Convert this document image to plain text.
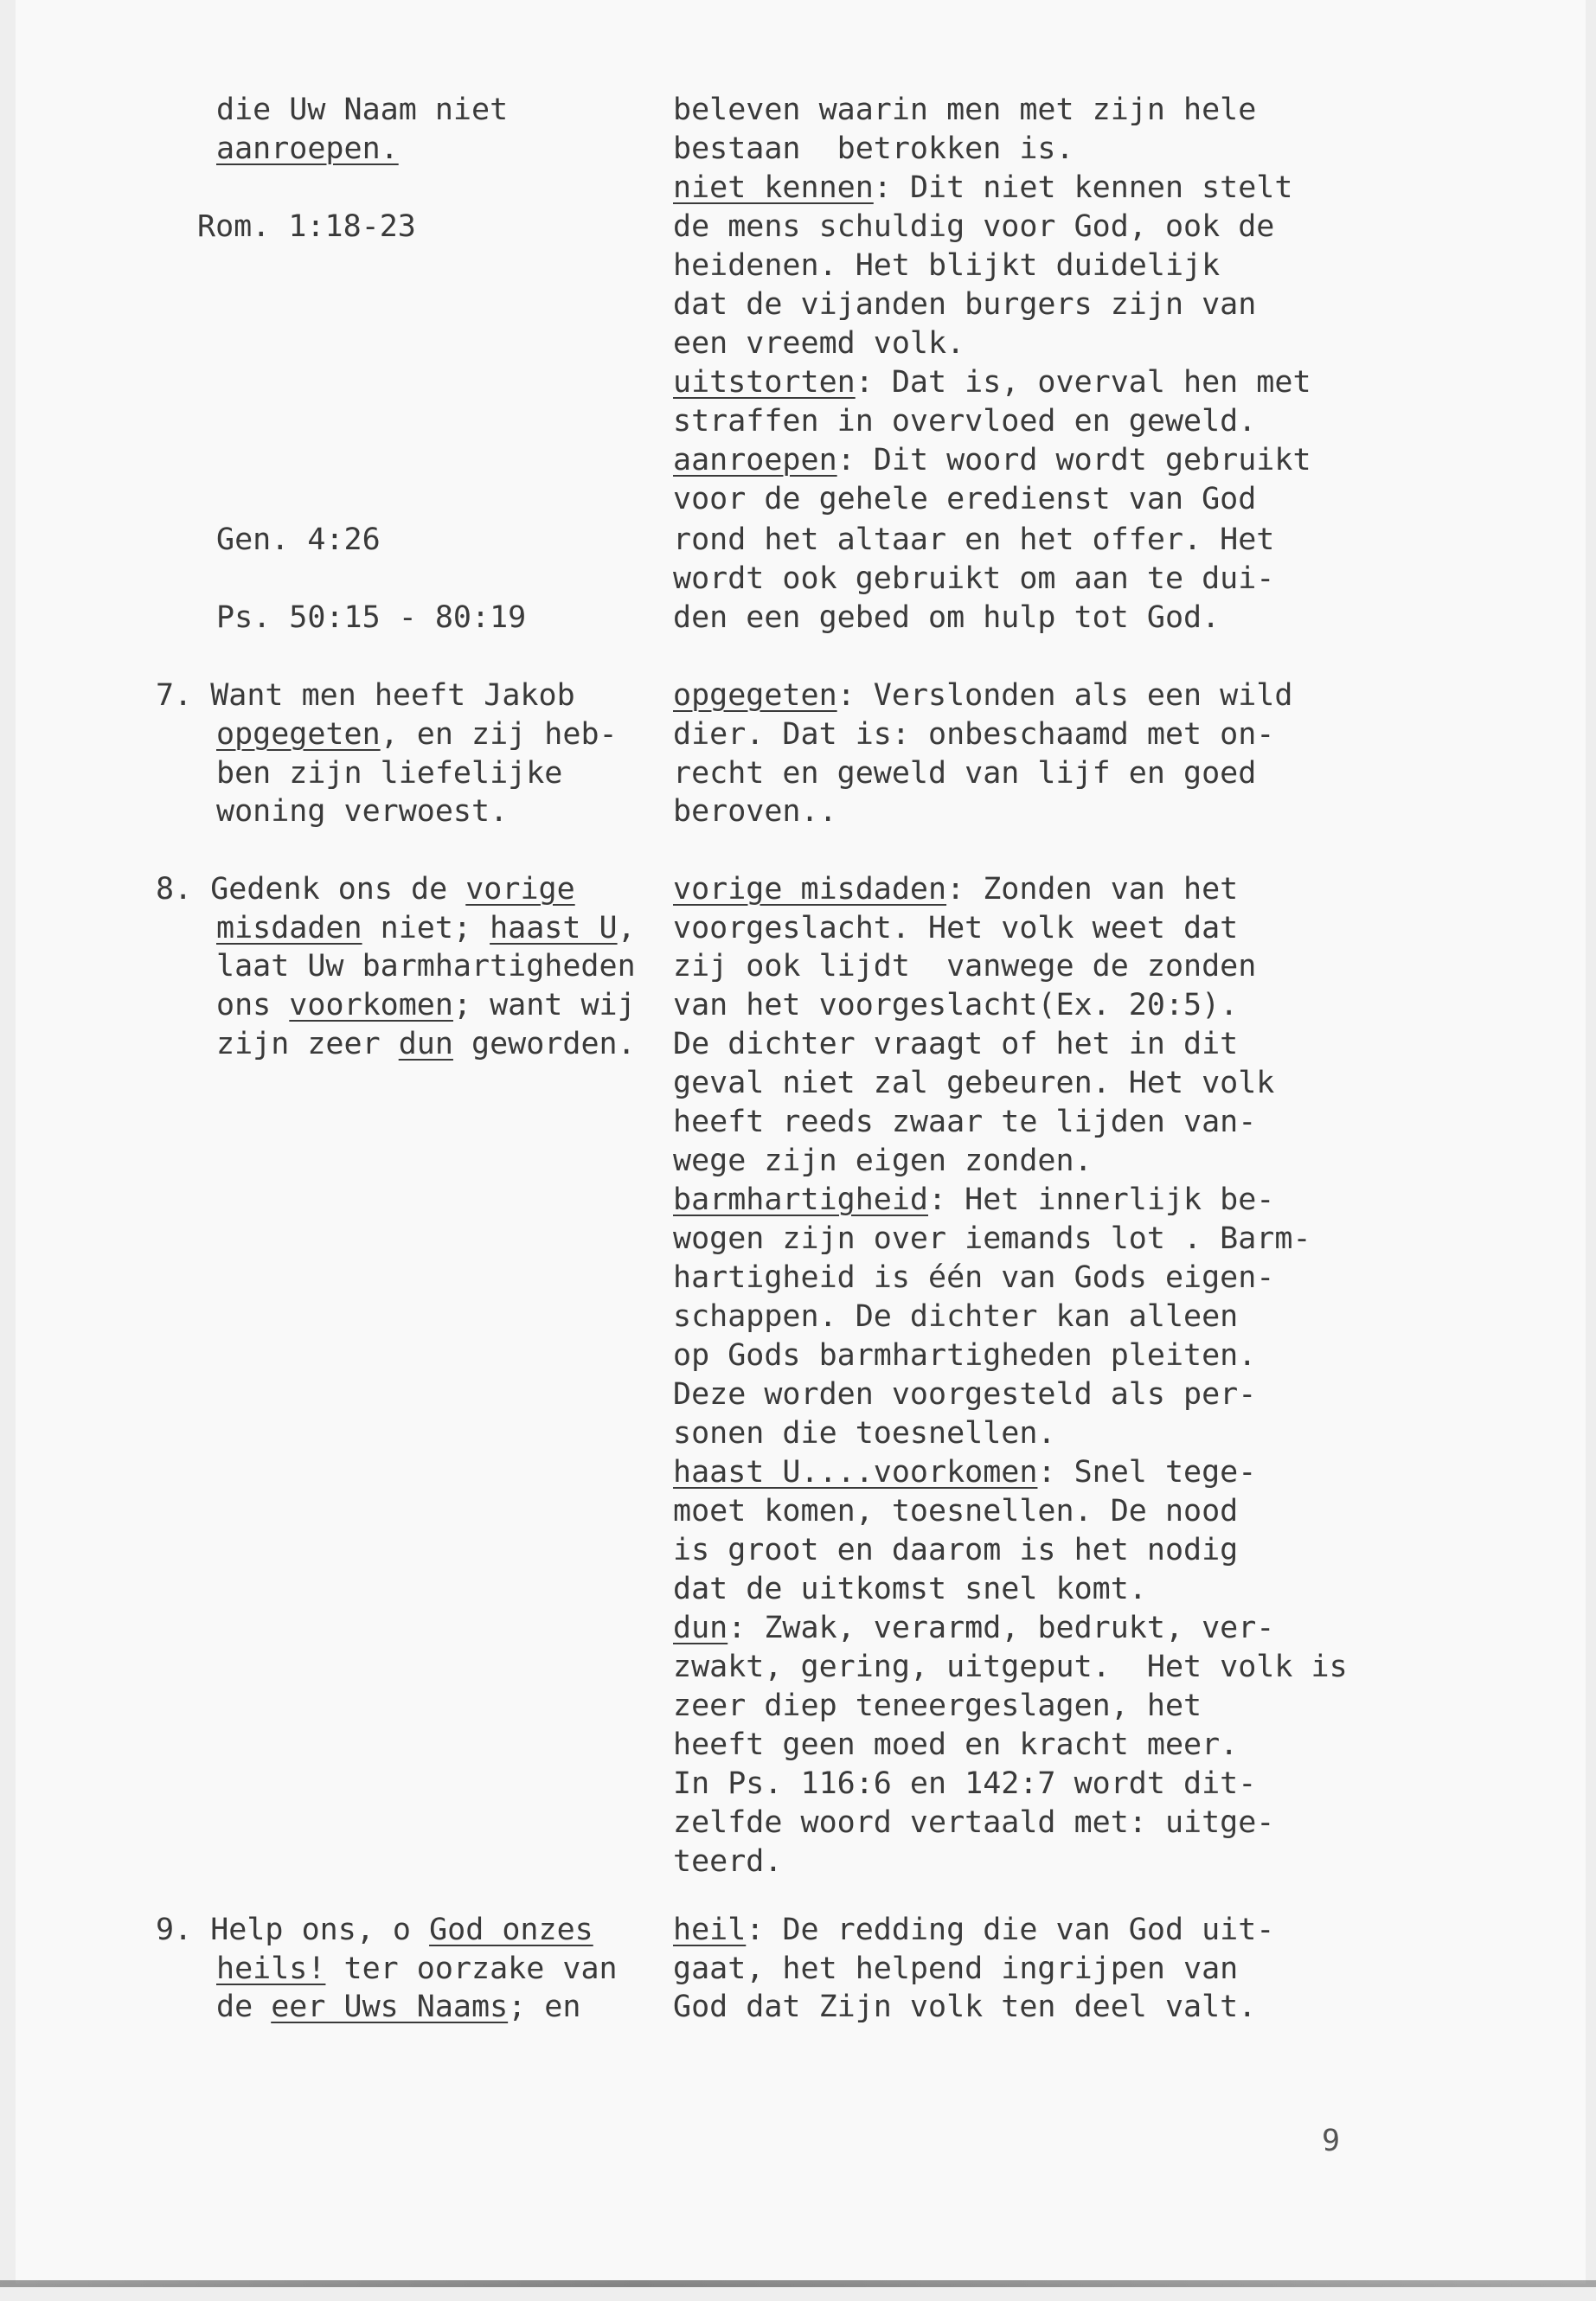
die Uw Naam niet
aanroepen.
Rom. 1:18-23
Gen. 4:26
Ps. 50:15 - 80:19
7. Want men heeft Jakob
opgegeten, en zij heb-
ben zijn liefelijke
woning verwoest.
8. Gedenk ons de vorige
misdaden niet; haast U,
laat Uw barmhartigheden
ons voorkomen; want wij
zijn zeer dun geworden.
9. Help ons, o God onzes
heils! ter oorzake van
de eer Uws Naams; en
beleven waarin men met zijn hele
bestaan  betrokken is.
niet kennen: Dit niet kennen stelt
de mens schuldig voor God, ook de
heidenen. Het blijkt duidelijk
dat de vijanden burgers zijn van
een vreemd volk.
uitstorten: Dat is, overval hen met
straffen in overvloed en geweld.
aanroepen: Dit woord wordt gebruikt
voor de gehele eredienst van God
rond het altaar en het offer. Het
wordt ook gebruikt om aan te dui-
den een gebed om hulp tot God.
opgegeten: Verslonden als een wild
dier. Dat is: onbeschaamd met on-
recht en geweld van lijf en goed
beroven..
vorige misdaden: Zonden van het
voorgeslacht. Het volk weet dat
zij ook lijdt  vanwege de zonden
van het voorgeslacht(Ex. 20:5).
De dichter vraagt of het in dit
geval niet zal gebeuren. Het volk
heeft reeds zwaar te lijden van-
wege zijn eigen zonden.
barmhartigheid: Het innerlijk be-
wogen zijn over iemands lot . Barm-
hartigheid is één van Gods eigen-
schappen. De dichter kan alleen
op Gods barmhartigheden pleiten.
Deze worden voorgesteld als per-
sonen die toesnellen.
haast U....voorkomen: Snel tege-
moet komen, toesnellen. De nood
is groot en daarom is het nodig
dat de uitkomst snel komt.
dun: Zwak, verarmd, bedrukt, ver-
zwakt, gering, uitgeput.  Het volk is
zeer diep teneergeslagen, het
heeft geen moed en kracht meer.
In Ps. 116:6 en 142:7 wordt dit-
zelfde woord vertaald met: uitge-
teerd.
heil: De redding die van God uit-
gaat, het helpend ingrijpen van
God dat Zijn volk ten deel valt.
9
